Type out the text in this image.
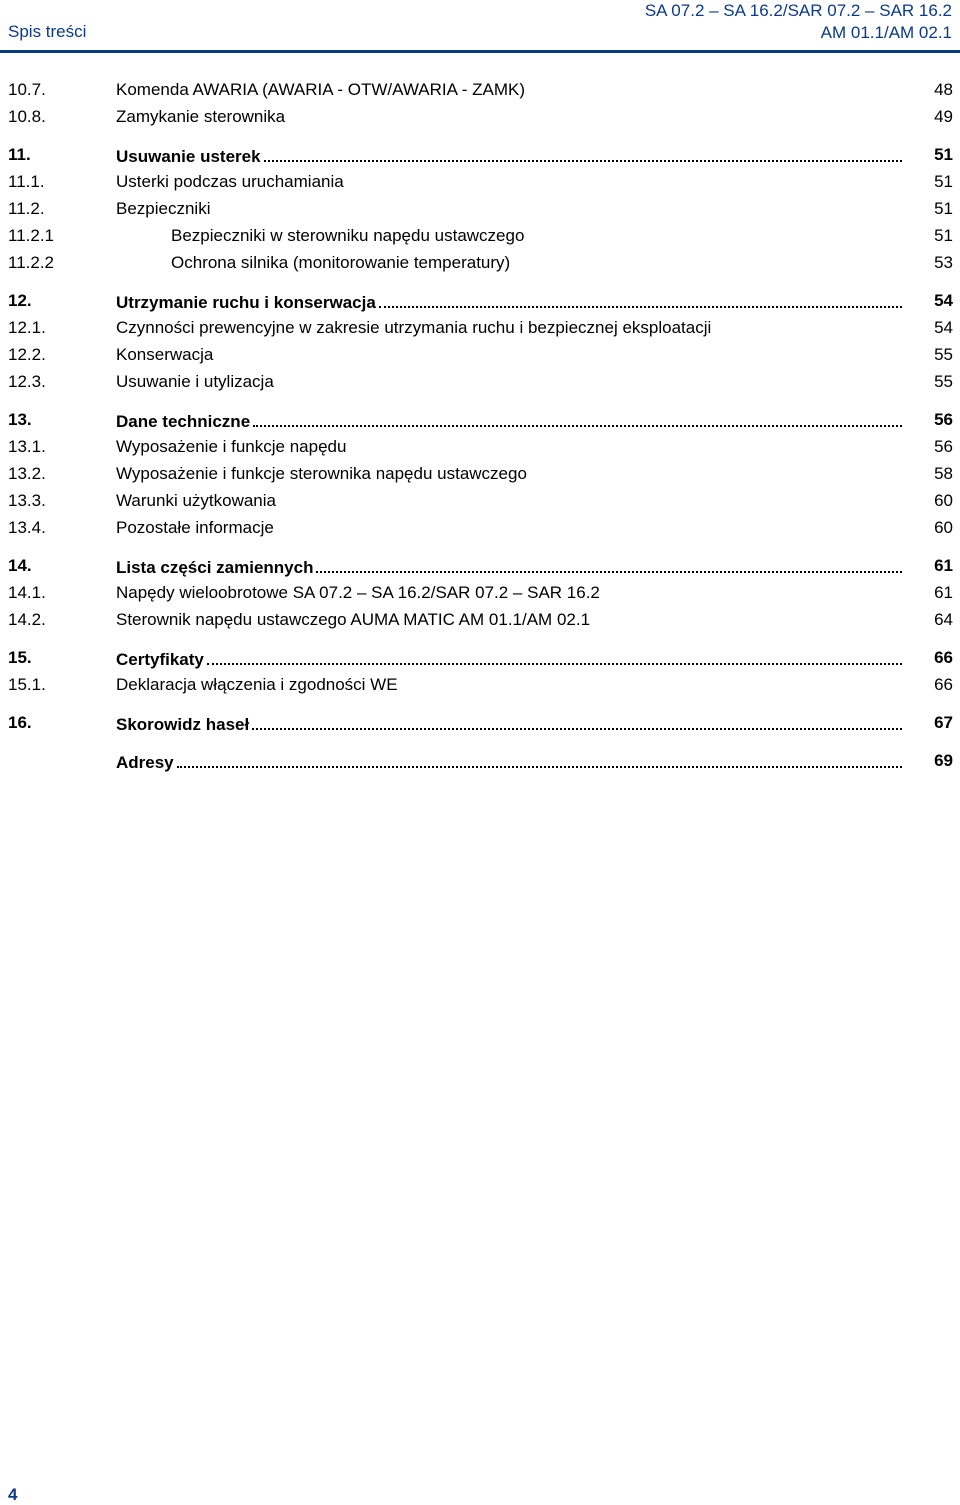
Spis treści
SA 07.2 – SA 16.2/SAR 07.2 – SAR 16.2
AM 01.1/AM 02.1
10.7.	Komenda AWARIA (AWARIA - OTW/AWARIA - ZAMK)	48
10.8.	Zamykanie sterownika	49
11.	Usuwanie usterek	51
11.1.	Usterki podczas uruchamiania	51
11.2.	Bezpieczniki	51
11.2.1	Bezpieczniki w sterowniku napędu ustawczego	51
11.2.2	Ochrona silnika (monitorowanie temperatury)	53
12.	Utrzymanie ruchu i konserwacja	54
12.1.	Czynności prewencyjne w zakresie utrzymania ruchu i bezpiecznej eksploatacji	54
12.2.	Konserwacja	55
12.3.	Usuwanie i utylizacja	55
13.	Dane techniczne	56
13.1.	Wyposażenie i funkcje napędu	56
13.2.	Wyposażenie i funkcje sterownika napędu ustawczego	58
13.3.	Warunki użytkowania	60
13.4.	Pozostałe informacje	60
14.	Lista części zamiennych	61
14.1.	Napędy wieloobrotowe SA 07.2 – SA 16.2/SAR 07.2 – SAR 16.2	61
14.2.	Sterownik napędu ustawczego AUMA MATIC AM 01.1/AM 02.1	64
15.	Certyfikaty	66
15.1.	Deklaracja włączenia i zgodności WE	66
16.	Skorowidz haseł	67
Adresy	69
4
